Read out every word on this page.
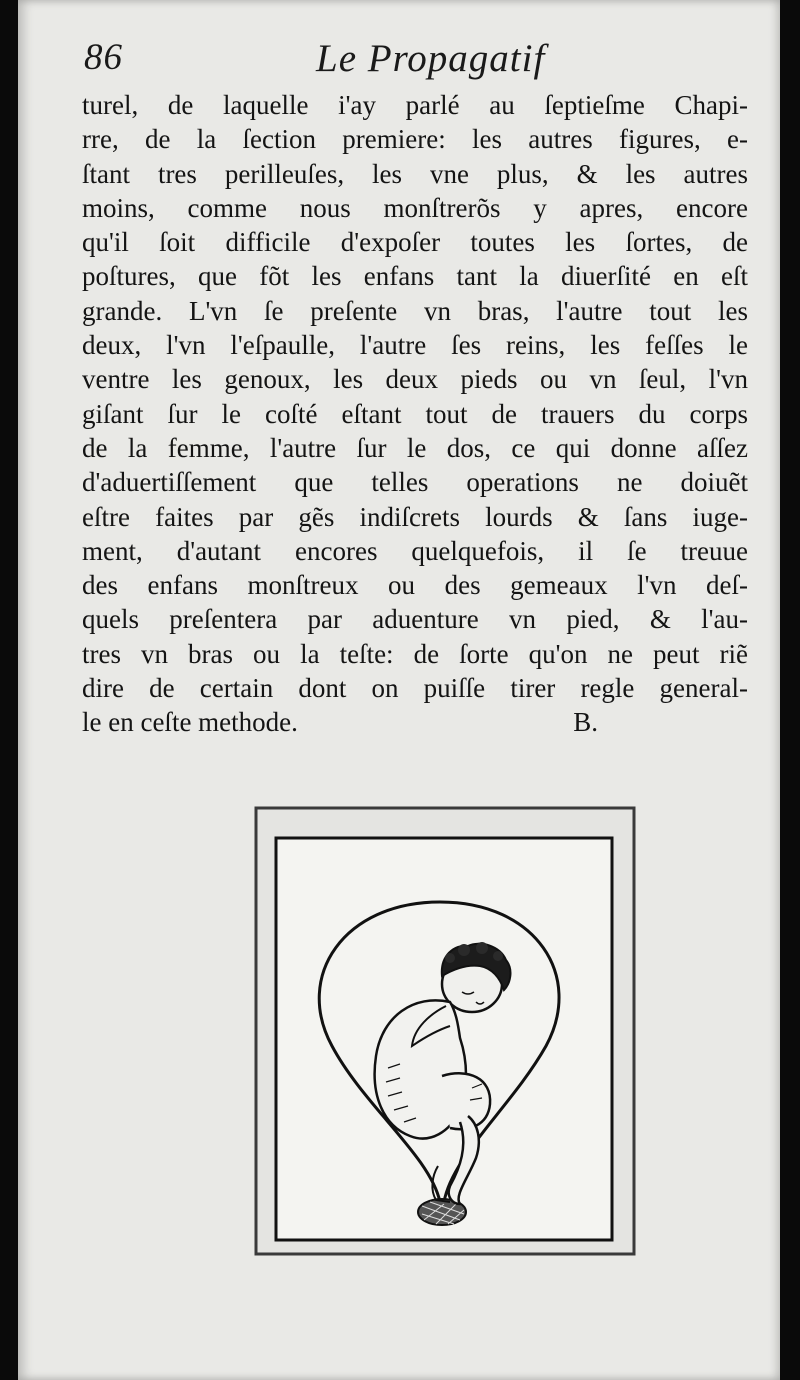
86	Le Propagatif
turel, de laquelle i'ay parlé au ſeptieſme Chapi-
rre, de la ſection premiere: les autres figures, e-
ſtant tres perilleuſes, les vne plus, & les autres
moins, comme nous monſtrerõs y apres, encore
qu'il ſoit difficile d'expoſer toutes les ſortes, de
poſtures, que fõt les enfans tant la diuerſité en eſt
grande. L'vn ſe preſente vn bras, l'autre tout les
deux, l'vn l'eſpaulle, l'autre ſes reins, les feſſes le
ventre les genoux, les deux pieds ou vn ſeul, l'vn
giſant ſur le coſté eſtant tout de trauers du corps
de la femme, l'autre ſur le dos, ce qui donne aſſez
d'aduertiſſement que telles operations ne doiuẽt
eſtre faites par gẽs indiſcrets lourds & ſans iuge-
ment, d'autant encores quelquefois, il ſe treuue
des enfans monſtreux ou des gemeaux l'vn deſ-
quels preſentera par aduenture vn pied, & l'au-
tres vn bras ou la teſte: de ſorte qu'on ne peut riẽ
dire de certain dont on puiſſe tirer regle general-
le en ceſte methode.	B.
